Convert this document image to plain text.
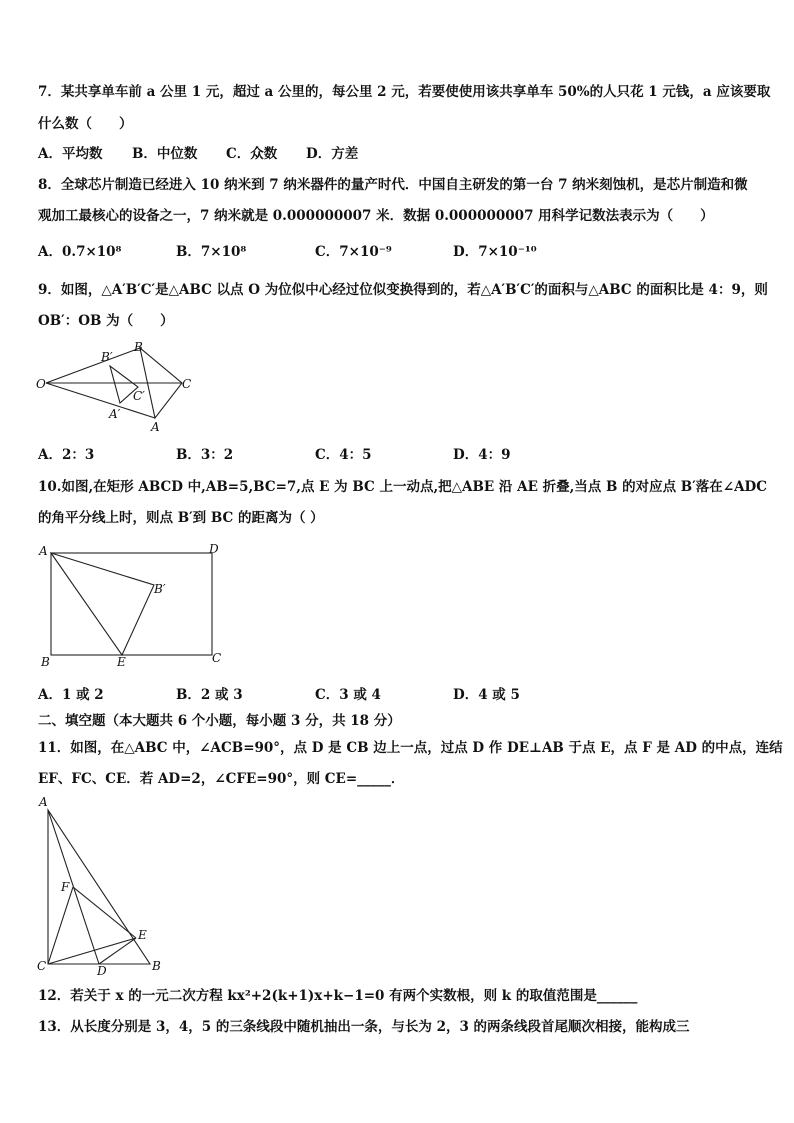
7．某共享单车前 a 公里 1 元，超过 a 公里的，每公里 2 元，若要使使用该共享单车 50%的人只花 1 元钱，a 应该要取
什么数（　　）
A．平均数 B．中位数 C．众数 D．方差
8．全球芯片制造已经进入 10 纳米到 7 纳米器件的量产时代．中国自主研发的第一台 7 纳米刻蚀机，是芯片制造和微
观加工最核心的设备之一，7 纳米就是 0.000000007 米．数据 0.000000007 用科学记数法表示为（　　）
A．0.7×10⁸	B．7×10⁸	C．7×10⁻⁹	D．7×10⁻¹⁰
9．如图，△A′B′C′是△ABC 以点 O 为位似中心经过位似变换得到的，若△A′B′C′的面积与△ABC 的面积比是 4：9，则
OB′：OB 为（　　）
O
B′
B
C
C′
A′
A
A．2：3	B．3：2	C．4：5	D．4：9
10.如图,在矩形 ABCD 中,AB=5,BC=7,点 E 为 BC 上一动点,把△ABE 沿 AE 折叠,当点 B 的对应点 B′落在∠ADC
的角平分线上时，则点 B′到 BC 的距离为（ ）
A	D
B′
B	E	C
A．1 或 2	B．2 或 3	C．3 或 4	D．4 或 5
二、填空题（本大题共 6 个小题，每小题 3 分，共 18 分）
11．如图，在△ABC 中，∠ACB=90°，点 D 是 CB 边上一点，过点 D 作 DE⊥AB 于点 E，点 F 是 AD 的中点，连结
EF、FC、CE．若 AD=2，∠CFE=90°，则 CE=_____．
A
F
E
C	D	B
12．若关于 x 的一元二次方程 kx²+2(k+1)x+k−1=0 有两个实数根，则 k 的取值范围是______
13．从长度分别是 3，4，5 的三条线段中随机抽出一条，与长为 2，3 的两条线段首尾顺次相接，能构成三
